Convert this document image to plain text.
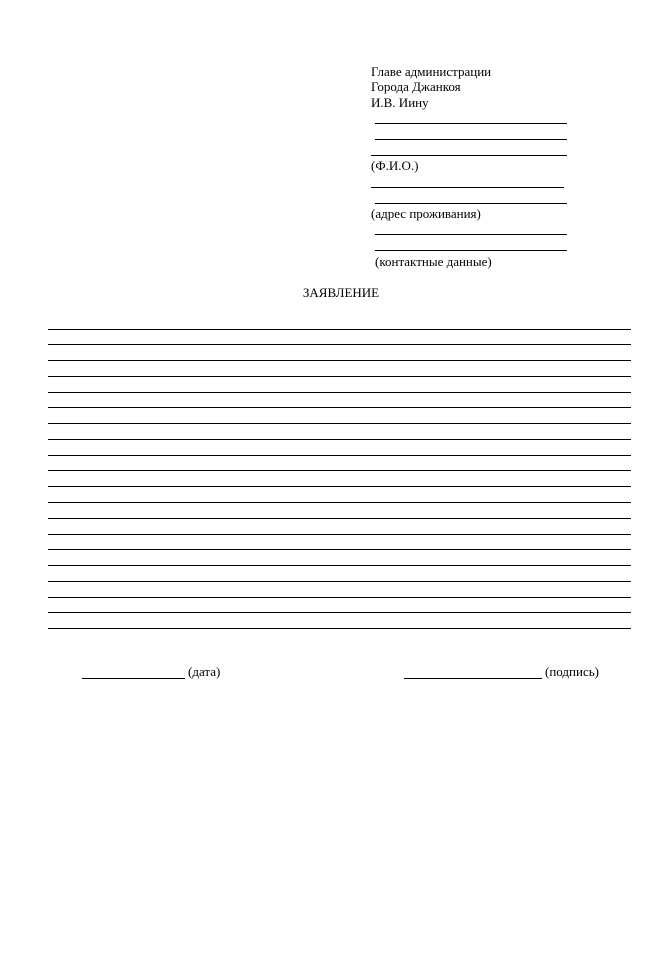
Главе администрации
Города Джанкоя
И.В. Иину
(Ф.И.О.)
(адрес проживания)
(контактные данные)
ЗАЯВЛЕНИЕ
(дата)	(подпись)
